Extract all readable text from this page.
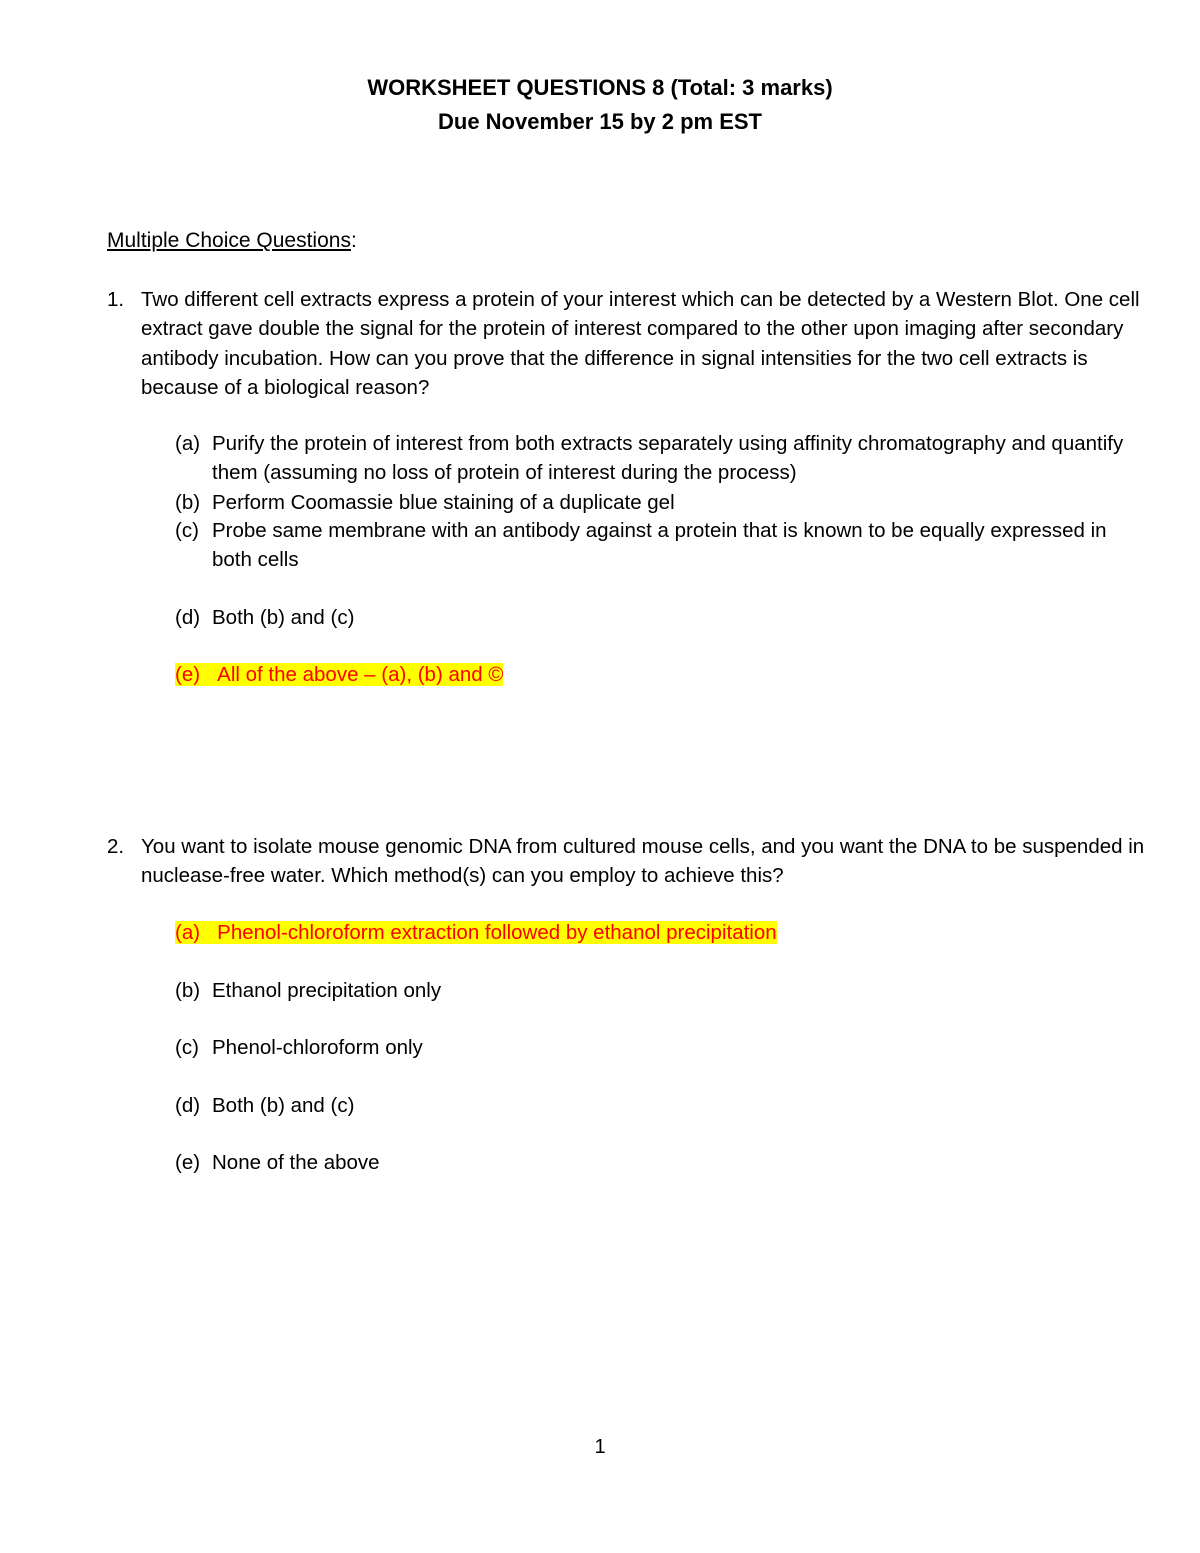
WORKSHEET QUESTIONS 8 (Total: 3 marks)
Due November 15 by 2 pm EST
Multiple Choice Questions:
1. Two different cell extracts express a protein of your interest which can be detected by a Western Blot. One cell extract gave double the signal for the protein of interest compared to the other upon imaging after secondary antibody incubation. How can you prove that the difference in signal intensities for the two cell extracts is because of a biological reason?
(a) Purify the protein of interest from both extracts separately using affinity chromatography and quantify them (assuming no loss of protein of interest during the process)
(b) Perform Coomassie blue staining of a duplicate gel
(c) Probe same membrane with an antibody against a protein that is known to be equally expressed in both cells
(d) Both (b) and (c)
(e) All of the above – (a), (b) and ©
2. You want to isolate mouse genomic DNA from cultured mouse cells, and you want the DNA to be suspended in nuclease-free water. Which method(s) can you employ to achieve this?
(a) Phenol-chloroform extraction followed by ethanol precipitation
(b) Ethanol precipitation only
(c) Phenol-chloroform only
(d) Both (b) and (c)
(e) None of the above
1
